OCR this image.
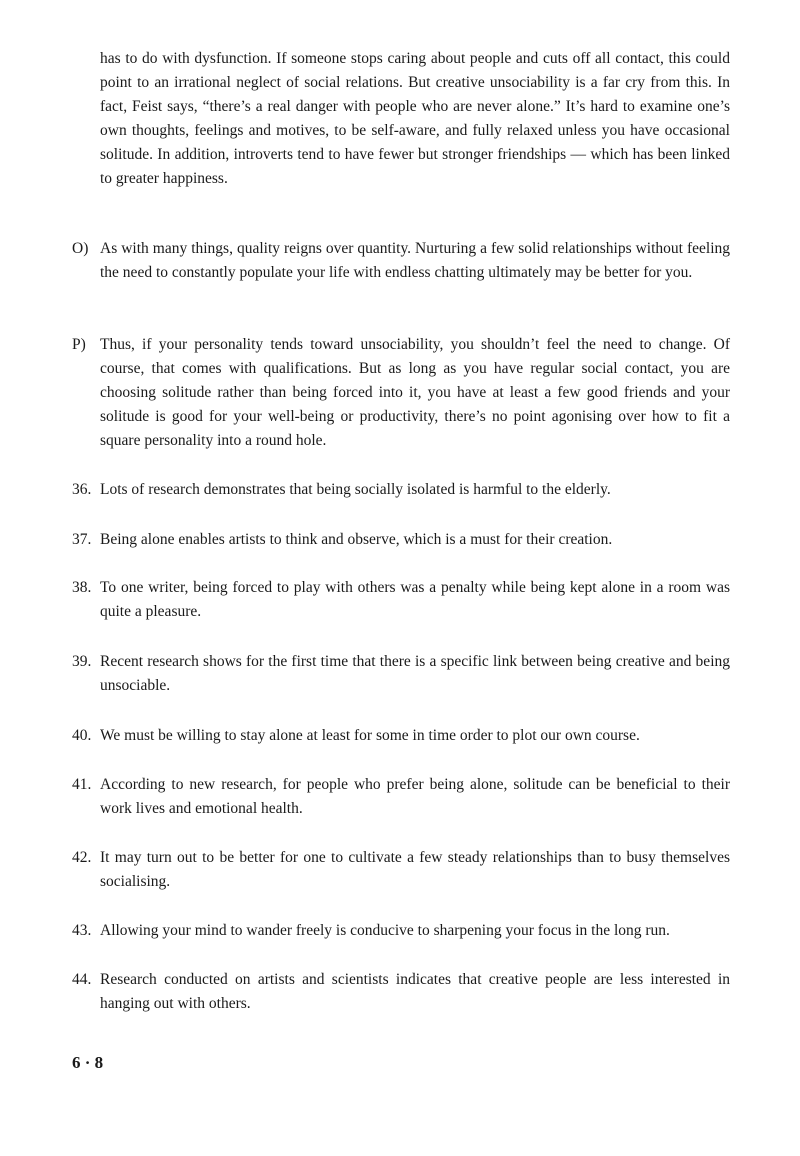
has to do with dysfunction. If someone stops caring about people and cuts off all contact, this could point to an irrational neglect of social relations. But creative unsociability is a far cry from this. In fact, Feist says, “there’s a real danger with people who are never alone.” It’s hard to examine one’s own thoughts, feelings and motives, to be self-aware, and fully relaxed unless you have occasional solitude. In addition, introverts tend to have fewer but stronger friendships — which has been linked to greater happiness.

O) As with many things, quality reigns over quantity. Nurturing a few solid relationships without feeling the need to constantly populate your life with endless chatting ultimately may be better for you.
P) Thus, if your personality tends toward unsociability, you shouldn’t feel the need to change. Of course, that comes with qualifications. But as long as you have regular social contact, you are choosing solitude rather than being forced into it, you have at least a few good friends and your solitude is good for your well-being or productivity, there’s no point agonising over how to fit a square personality into a round hole.
36. Lots of research demonstrates that being socially isolated is harmful to the elderly.
37. Being alone enables artists to think and observe, which is a must for their creation.
38. To one writer, being forced to play with others was a penalty while being kept alone in a room was quite a pleasure.
39. Recent research shows for the first time that there is a specific link between being creative and being unsociable.
40. We must be willing to stay alone at least for some in time order to plot our own course.
41. According to new research, for people who prefer being alone, solitude can be beneficial to their work lives and emotional health.
42. It may turn out to be better for one to cultivate a few steady relationships than to busy themselves socialising.
43. Allowing your mind to wander freely is conducive to sharpening your focus in the long run.
44. Research conducted on artists and scientists indicates that creative people are less interested in hanging out with others.
6 · 8
